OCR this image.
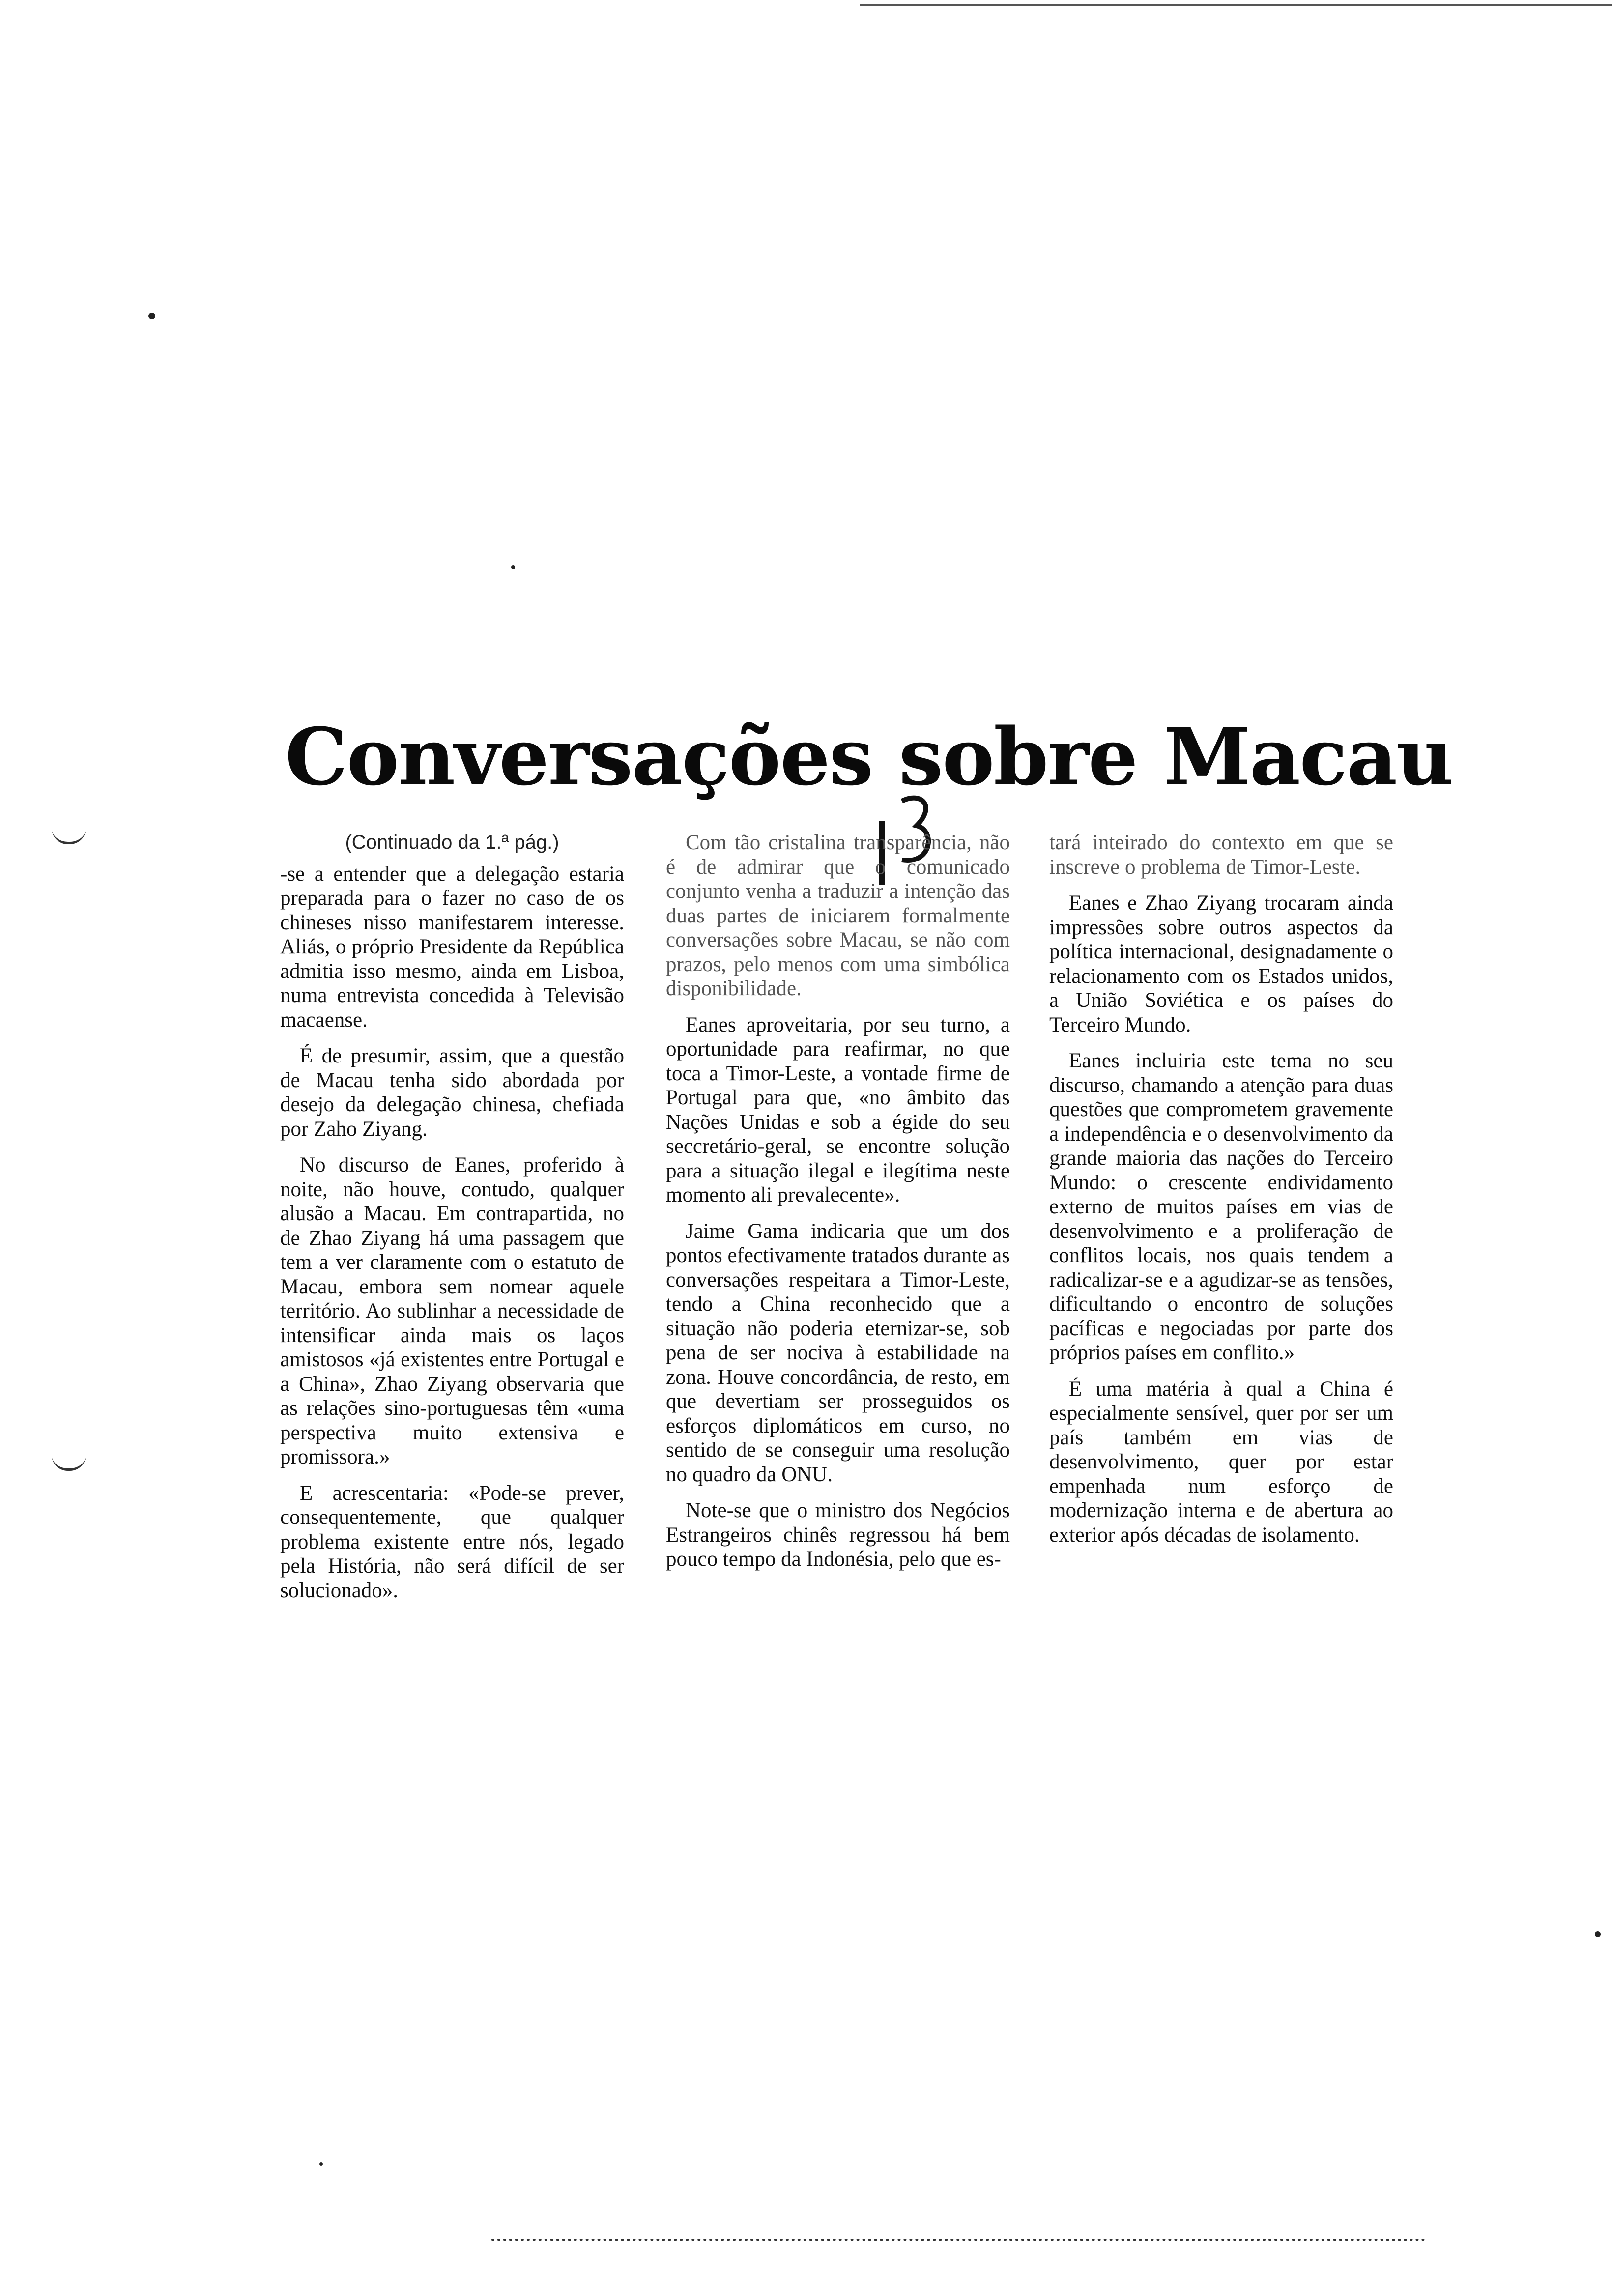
Conversações sobre Macau
(Continuado da 1.ª pág.)

-se a entender que a delegação estaria preparada para o fazer no caso de os chineses nisso manifestarem interesse. Aliás, o próprio Presidente da República admitia isso mesmo, ainda em Lisboa, numa entrevista concedida à Televisão macaense.

É de presumir, assim, que a questão de Macau tenha sido abordada por desejo da delegação chinesa, chefiada por Zaho Ziyang.

No discurso de Eanes, proferido à noite, não houve, contudo, qualquer alusão a Macau. Em contrapartida, no de Zhao Ziyang há uma passagem que tem a ver claramente com o estatuto de Macau, embora sem nomear aquele território. Ao sublinhar a necessidade de intensificar ainda mais os laços amistosos «já existentes entre Portugal e a China», Zhao Ziyang observaria que as relações sino-portuguesas têm «uma perspectiva muito extensiva e promissora.»

E acrescentaria: «Pode-se prever, consequentemente, que qualquer problema existente entre nós, legado pela História, não será difícil de ser solucionado».

Com tão cristalina transparência, não é de admirar que o comunicado conjunto venha a traduzir a intenção das duas partes de iniciarem formalmente conversações sobre Macau, se não com prazos, pelo menos com uma simbólica disponibilidade.

Eanes aproveitaria, por seu turno, a oportunidade para reafirmar, no que toca a Timor-Leste, a vontade firme de Portugal para que, «no âmbito das Nações Unidas e sob a égide do seu seccretário-geral, se encontre solução para a situação ilegal e ilegítima neste momento ali prevalecente».

Jaime Gama indicaria que um dos pontos efectivamente tratados durante as conversações respeitara a Timor-Leste, tendo a China reconhecido que a situação não poderia eternizar-se, sob pena de ser nociva à estabilidade na zona. Houve concordância, de resto, em que devertiam ser prosseguidos os esforços diplomáticos em curso, no sentido de se conseguir uma resolução no quadro da ONU.

Note-se que o ministro dos Negócios Estrangeiros chinês regressou há bem pouco tempo da Indonésia, pelo que es-

tará inteirado do contexto em que se inscreve o problema de Timor-Leste.

Eanes e Zhao Ziyang trocaram ainda impressões sobre outros aspectos da política internacional, designadamente o relacionamento com os Estados unidos, a União Soviética e os países do Terceiro Mundo.

Eanes incluiria este tema no seu discurso, chamando a atenção para duas questões que comprometem gravemente a independência e o desenvolvimento da grande maioria das nações do Terceiro Mundo: o crescente endividamento externo de muitos países em vias de desenvolvimento e a proliferação de conflitos locais, nos quais tendem a radicalizar-se e a agudizar-se as tensões, dificultando o encontro de soluções pacíficas e negociadas por parte dos próprios países em conflito.»

É uma matéria à qual a China é especialmente sensível, quer por ser um país também em vias de desenvolvimento, quer por estar empenhada num esforço de modernização interna e de abertura ao exterior após décadas de isolamento.
